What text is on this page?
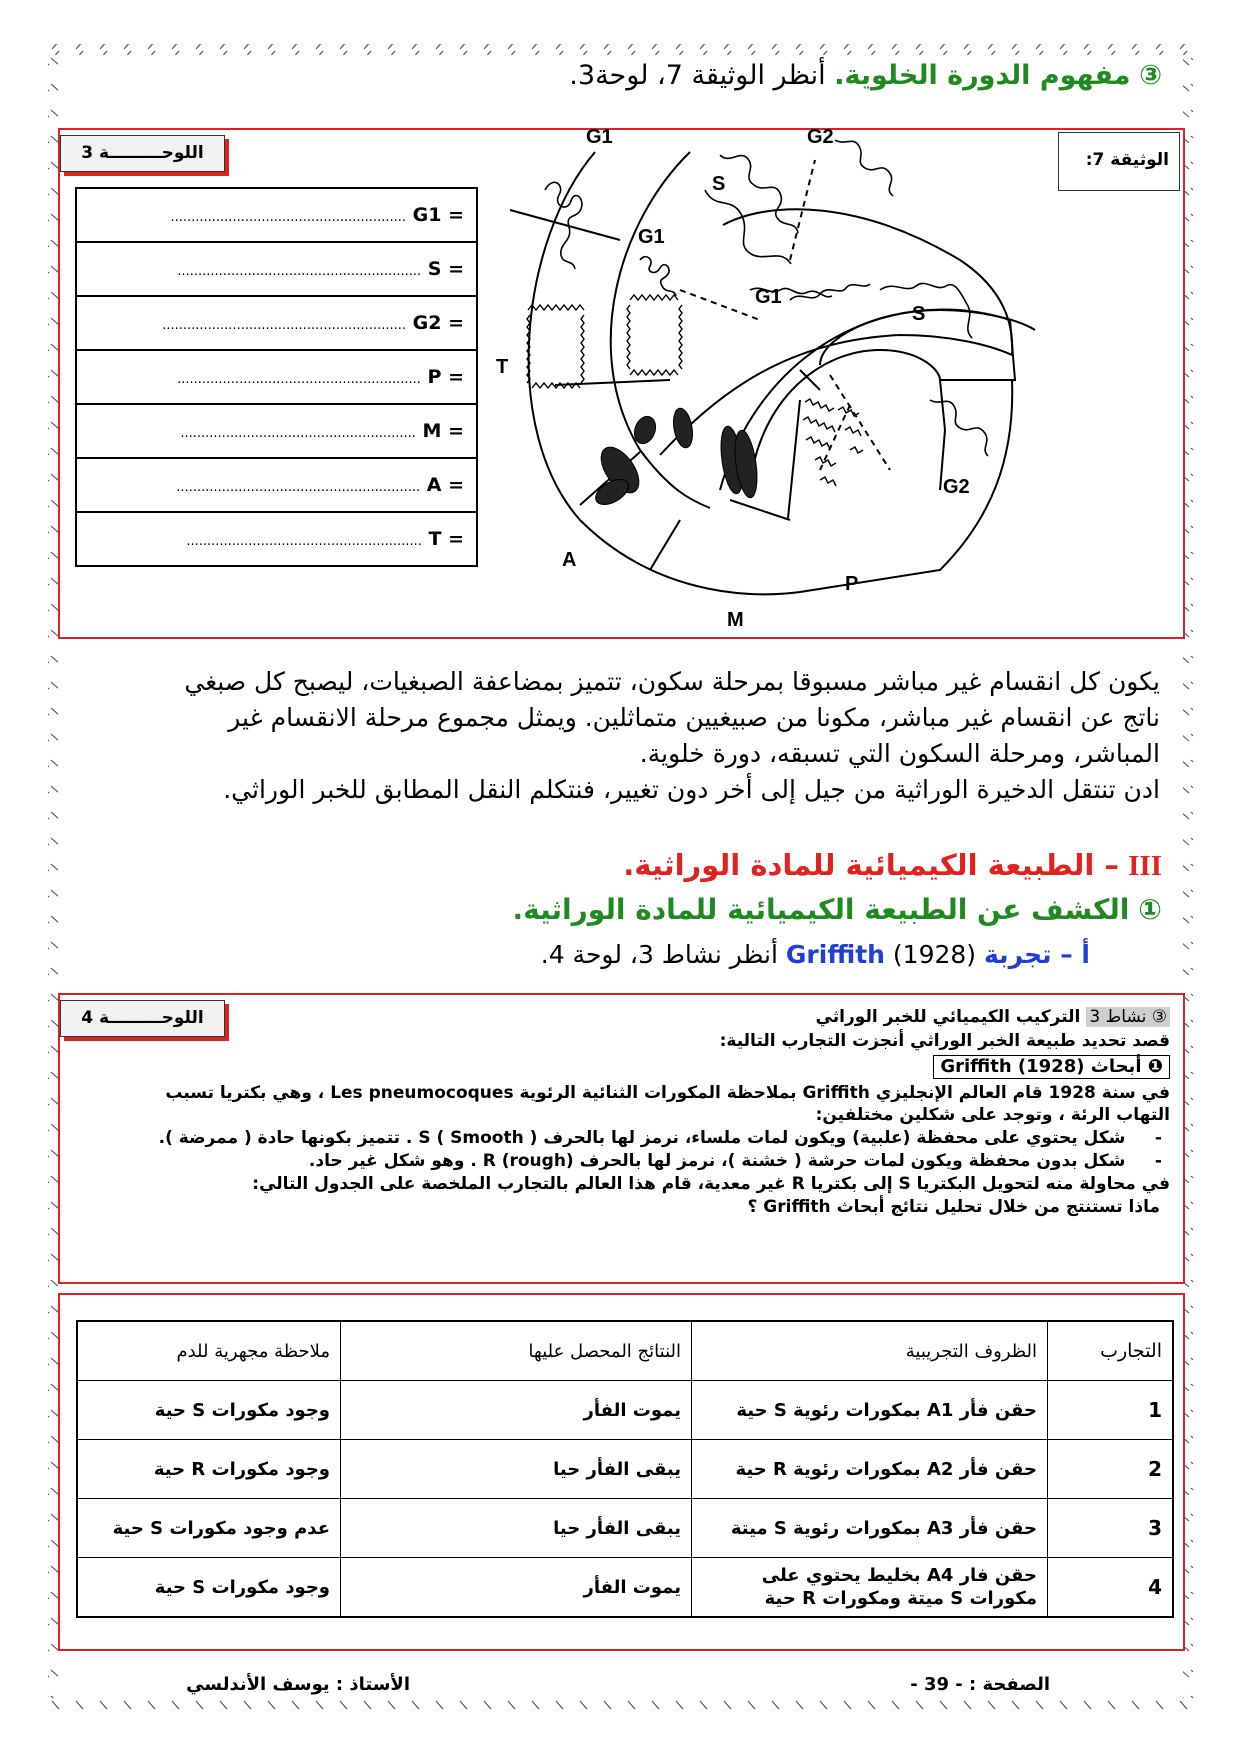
③ مفهوم الدورة الخلوية. أنظر الوثيقة 7، لوحة3.
اللوحـــــــــة 3	الوثيقة 7:
= G1 .........................................................
= S ...........................................................
= G2 ...........................................................
= P ...........................................................
= M .........................................................
= A ...........................................................
= T .........................................................
G1	G2
S
G1
G1
S
T
G2
A
P
M
يكون كل انقسام غير مباشر مسبوقا بمرحلة سكون، تتميز بمضاعفة الصبغيات، ليصبح كل صبغي
ناتج عن انقسام غير مباشر، مكونا من صبيغيين متماثلين. ويمثل مجموع مرحلة الانقسام غير
المباشر، ومرحلة السكون التي تسبقه، دورة خلوية.
ادن تنتقل الدخيرة الوراثية من جيل إلى أخر دون تغيير، فنتكلم النقل المطابق للخبر الوراثي.
III – الطبيعة الكيميائية للمادة الوراثية.
① الكشف عن الطبيعة الكيميائية للمادة الوراثية.
أ – تجربة Griffith (1928) أنظر نشاط 3، لوحة 4.
اللوحـــــــــة 4	③ نشاط 3 التركيب الكيميائي للخبر الوراثي
قصد تحديد طبيعة الخبر الوراثي أنجزت التجارب التالية:
❶ أبحاث Griffith (1928)
في سنة 1928 قام العالم الإنجليزي Griffith بملاحظة المكورات الثنائية الرئوية Les pneumocoques ، وهي بكتريا تسبب
التهاب الرئة ، وتوجد على شكلين مختلفين:
-     شكل يحتوي على محفظة (علبية) ويكون لمات ملساء، نرمز لها بالحرف S ( Smooth ) . تتميز بكونها حادة ( ممرضة ).
-     شكل بدون محفظة ويكون لمات حرشة ( خشنة )، نرمز لها بالحرف R (rough) . وهو شكل غير حاد.
في محاولة منه لتحويل البكتريا S إلى بكتريا R غير معدية، قام هذا العالم بالتجارب الملخصة على الجدول التالي:
ماذا تستنتج من خلال تحليل نتائج أبحاث Griffith ؟
التجارب	الظروف التجريبية	النتائج المحصل عليها	ملاحظة مجهرية للدم
1	حقن فأر A1 بمكورات رئوية S حية	يموت الفأر	وجود مكورات S حية
2	حقن فأر A2 بمكورات رئوية R حية	يبقى الفأر حيا	وجود مكورات R حية
3	حقن فأر A3 بمكورات رئوية S ميتة	يبقى الفأر حيا	عدم وجود مكورات S حية
4	حقن فار A4 بخليط يحتوي على مكورات S ميتة ومكورات R حية	يموت الفأر	وجود مكورات S حية
الصفحة : - 39 -
الأستاذ : يوسف الأندلسي
